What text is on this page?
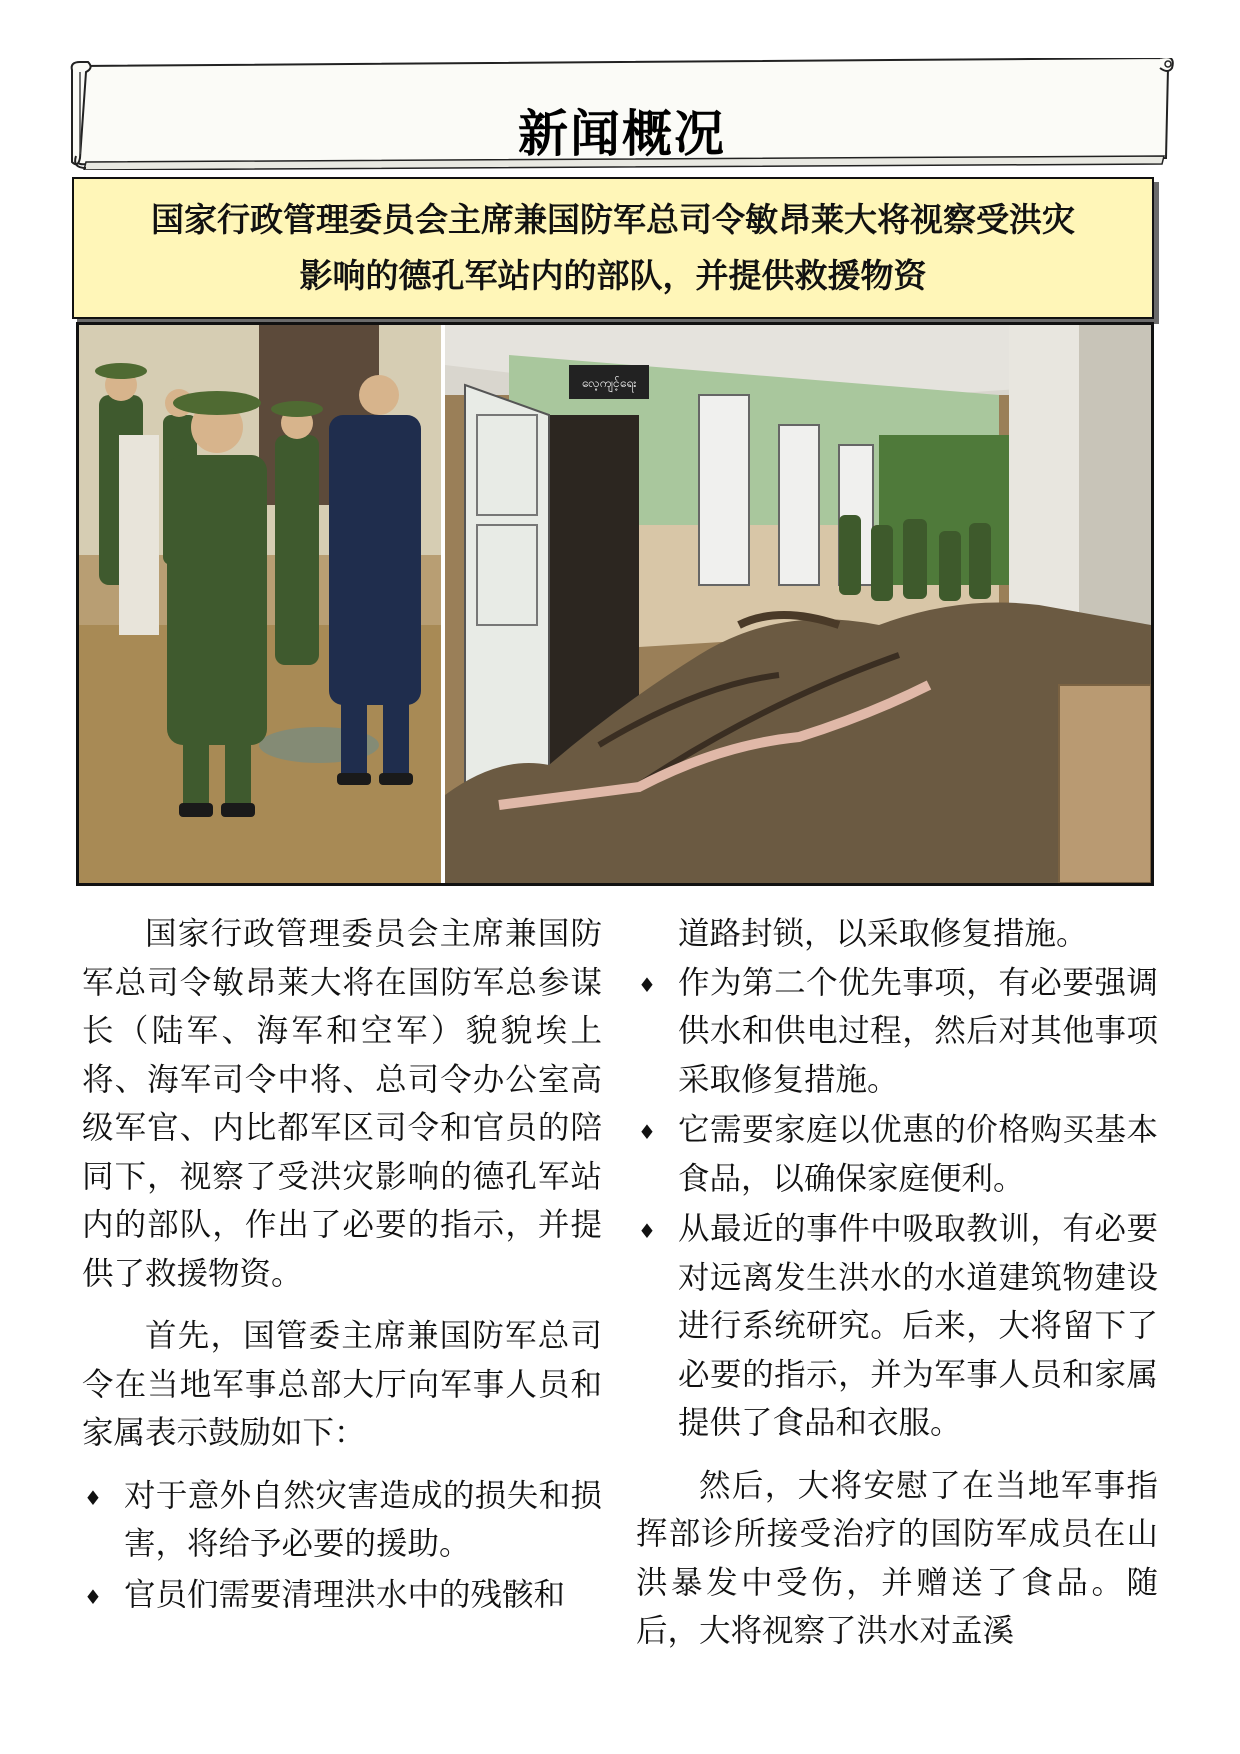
新闻概况
国家行政管理委员会主席兼国防军总司令敏昂莱大将视察受洪灾
影响的德孔军站内的部队，并提供救援物资
လေ့ကျင့်ရေး

国家行政管理委员会主席兼国防军总司令敏昂莱大将在国防军总参谋长（陆军、海军和空军）貌貌埃上将、海军司令中将、总司令办公室高级军官、内比都军区司令和官员的陪同下，视察了受洪灾影响的德孔军站内的部队，作出了必要的指示，并提供了救援物资。

首先，国管委主席兼国防军总司令在当地军事总部大厅向军事人员和家属表示鼓励如下：

♦ 对于意外自然灾害造成的损失和损害，将给予必要的援助。
♦ 官员们需要清理洪水中的残骸和

道路封锁，以采取修复措施。

♦ 作为第二个优先事项，有必要强调供水和供电过程，然后对其他事项采取修复措施。
♦ 它需要家庭以优惠的价格购买基本食品，以确保家庭便利。
♦ 从最近的事件中吸取教训，有必要对远离发生洪水的水道建筑物建设进行系统研究。后来，大将留下了必要的指示，并为军事人员和家属提供了食品和衣服。

然后，大将安慰了在当地军事指挥部诊所接受治疗的国防军成员在山洪暴发中受伤，并赠送了食品。随后，大将视察了洪水对孟溪
